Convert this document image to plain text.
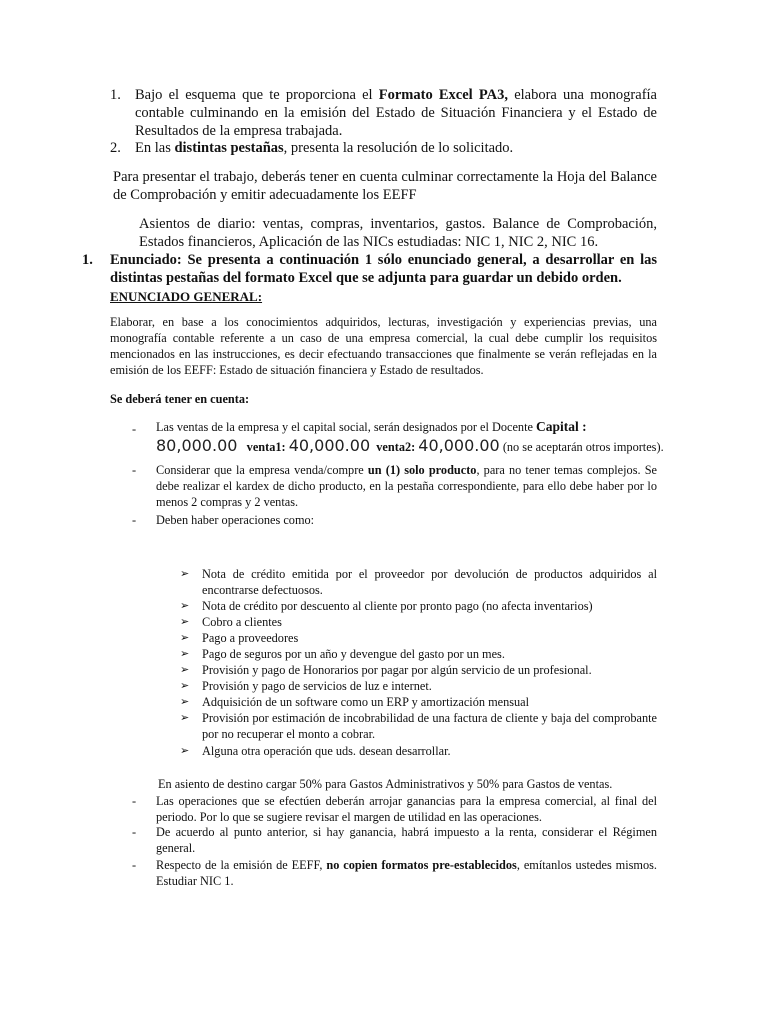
1. Bajo el esquema que te proporciona el Formato Excel PA3, elabora una monografía contable culminando en la emisión del Estado de Situación Financiera y el Estado de Resultados de la empresa trabajada.
2. En las distintas pestañas, presenta la resolución de lo solicitado.
Para presentar el trabajo, deberás tener en cuenta culminar correctamente la Hoja del Balance de Comprobación y emitir adecuadamente los EEFF
Asientos de diario: ventas, compras, inventarios, gastos. Balance de Comprobación, Estados financieros, Aplicación de las NICs estudiadas: NIC 1, NIC 2, NIC 16.
1. Enunciado: Se presenta a continuación 1 sólo enunciado general, a desarrollar en las distintas pestañas del formato Excel que se adjunta para guardar un debido orden.
ENUNCIADO GENERAL:
Elaborar, en base a los conocimientos adquiridos, lecturas, investigación y experiencias previas, una monografía contable referente a un caso de una empresa comercial, la cual debe cumplir los requisitos mencionados en las instrucciones, es decir efectuando transacciones que finalmente se verán reflejadas en la emisión de los EEFF: Estado de situación financiera y Estado de resultados.
Se deberá tener en cuenta:
- Las ventas de la empresa y el capital social, serán designados por el Docente Capital :
80,000.00 venta1: 40,000.00 venta2: 40,000.00 (no se aceptarán otros importes).
- Considerar que la empresa venda/compre un (1) solo producto, para no tener temas complejos. Se debe realizar el kardex de dicho producto, en la pestaña correspondiente, para ello debe haber por lo menos 2 compras y 2 ventas.
- Deben haber operaciones como:
➢ Nota de crédito emitida por el proveedor por devolución de productos adquiridos al encontrarse defectuosos.
➢ Nota de crédito por descuento al cliente por pronto pago (no afecta inventarios)
➢ Cobro a clientes
➢ Pago a proveedores
➢ Pago de seguros por un año y devengue del gasto por un mes.
➢ Provisión y pago de Honorarios por pagar por algún servicio de un profesional.
➢ Provisión y pago de servicios de luz e internet.
➢ Adquisición de un software como un ERP y amortización mensual
➢ Provisión por estimación de incobrabilidad de una factura de cliente y baja del comprobante por no recuperar el monto a cobrar.
➢ Alguna otra operación que uds. desean desarrollar.
En asiento de destino cargar 50% para Gastos Administrativos y 50% para Gastos de ventas.
- Las operaciones que se efectúen deberán arrojar ganancias para la empresa comercial, al final del periodo. Por lo que se sugiere revisar el margen de utilidad en las operaciones.
- De acuerdo al punto anterior, si hay ganancia, habrá impuesto a la renta, considerar el Régimen general.
- Respecto de la emisión de EEFF, no copien formatos pre-establecidos, emítanlos ustedes mismos. Estudiar NIC 1.
